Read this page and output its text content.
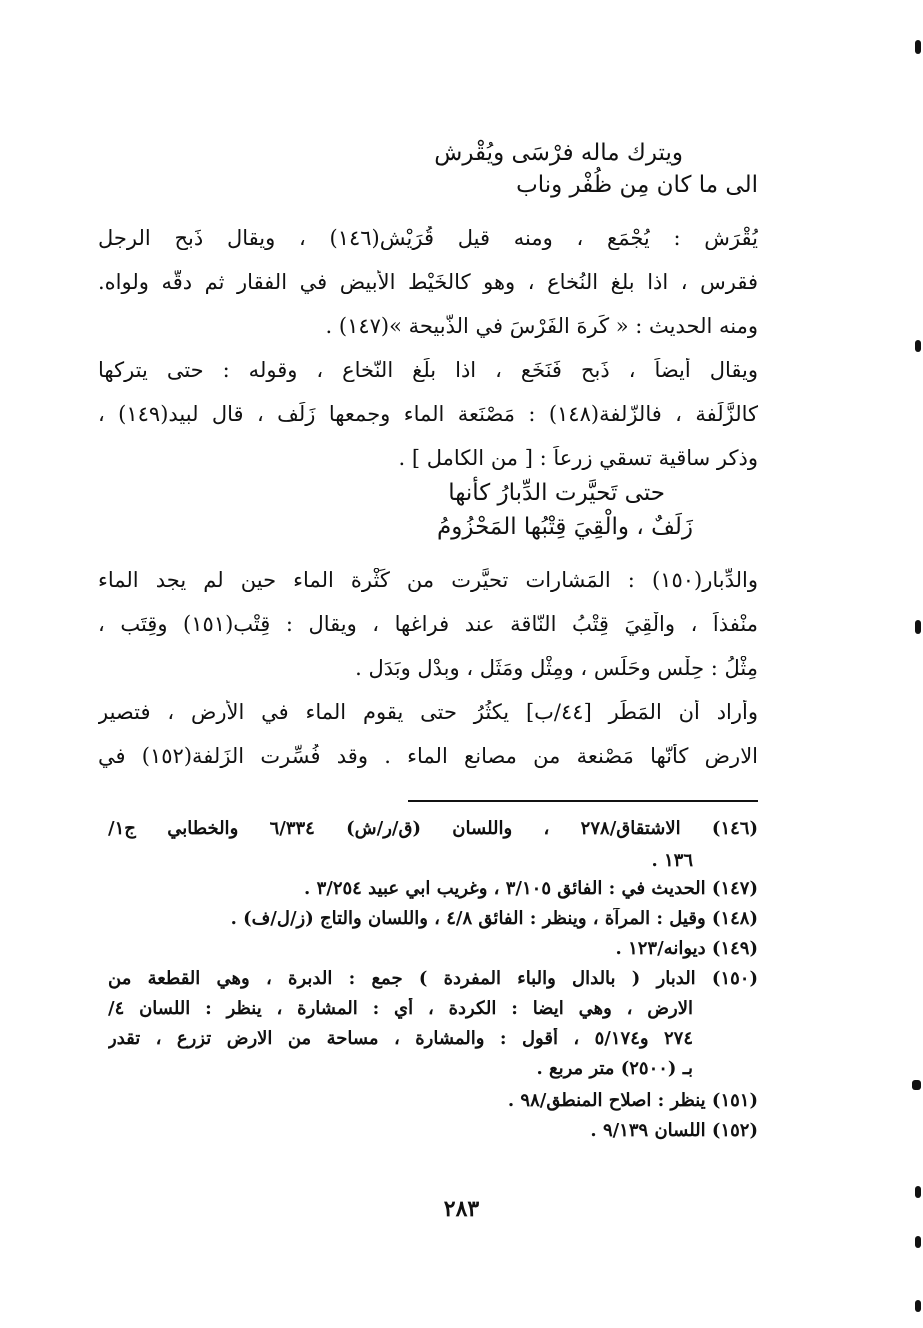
ويترك ماله فرْسَى ويُقْرش
الى ما كان مِن ظُفْر وناب
يُقْرَش : يُجْمَع ، ومنه قيل قُرَيْش(١٤٦) ، ويقال ذَبح الرجل
فقرس ، اذا بلغ النُخاع ، وهو كالخَيْط الأبيض في الفقار ثم دقّه ولواه.
ومنه الحديث : « كَرِهَ الفَرْسَ في الذَّبيحة »(١٤٧) .
ويقال أيضاً ، ذَبح فَنَخَع ، اذا بلَغ النّخاع ، وقوله : حتى يتركها
كالزَّلَفة ، فالزّلفة(١٤٨) : مَصْنَعة الماء وجمعها زَلَف ، قال لبيد(١٤٩) ،
وذكر ساقية تسقي زرعاً : [ من الكامل ] .
حتى تَحيَّرت الدِّبارُ كأنها
زَلَفٌ ، والْقِيَ قِتْبُها المَحْزُومُ
والدِّبار(١٥٠) : المَشارات تحيَّرت من كَثْرة الماء حين لم يجد الماء
منْفذاً ، والْقِيَ قِتْبُ النّاقة عند فراغها ، ويقال : قِتْب(١٥١) وقِتَب ،
مِثْلُ : حِلْس وحَلَس ، ومِثْل ومَثَل ، وبِدْل وبَدَل .
وأراد أن المَطَر [٤٤/ب] يكثُرُ حتى يقوم الماء في الأرض ، فتصير
الارض كأنّها مَصْنعة من مصانع الماء . وقد فُسِّرت الزَلفة(١٥٢) في
(١٤٦) الاشتقاق/٢٧٨ ، واللسان (ق/ر/ش) ٦/٣٣٤ والخطابي ج١/
١٣٦ .
(١٤٧) الحديث في : الفائق ٣/١٠٥ ، وغريب ابي عبيد ٣/٢٥٤ .
(١٤٨) وقيل : المرآة ، وينظر : الفائق ٤/٨ ، واللسان والتاج (ز/ل/ف) .
(١٤٩) ديوانه/١٢٣ .
(١٥٠) الدبار ( بالدال والباء المفردة ) جمع : الدبرة ، وهي القطعة من
الارض ، وهي ايضا : الكردة ، أي : المشارة ، ينظر : اللسان ٤/
٢٧٤ و٥/١٧٤ ، أقول : والمشارة ، مساحة من الارض تزرع ، تقدر
بـ (٢٥٠٠) متر مربع .
(١٥١) ينظر : اصلاح المنطق/٩٨ .
(١٥٢) اللسان ٩/١٣٩ .
٢٨٣
